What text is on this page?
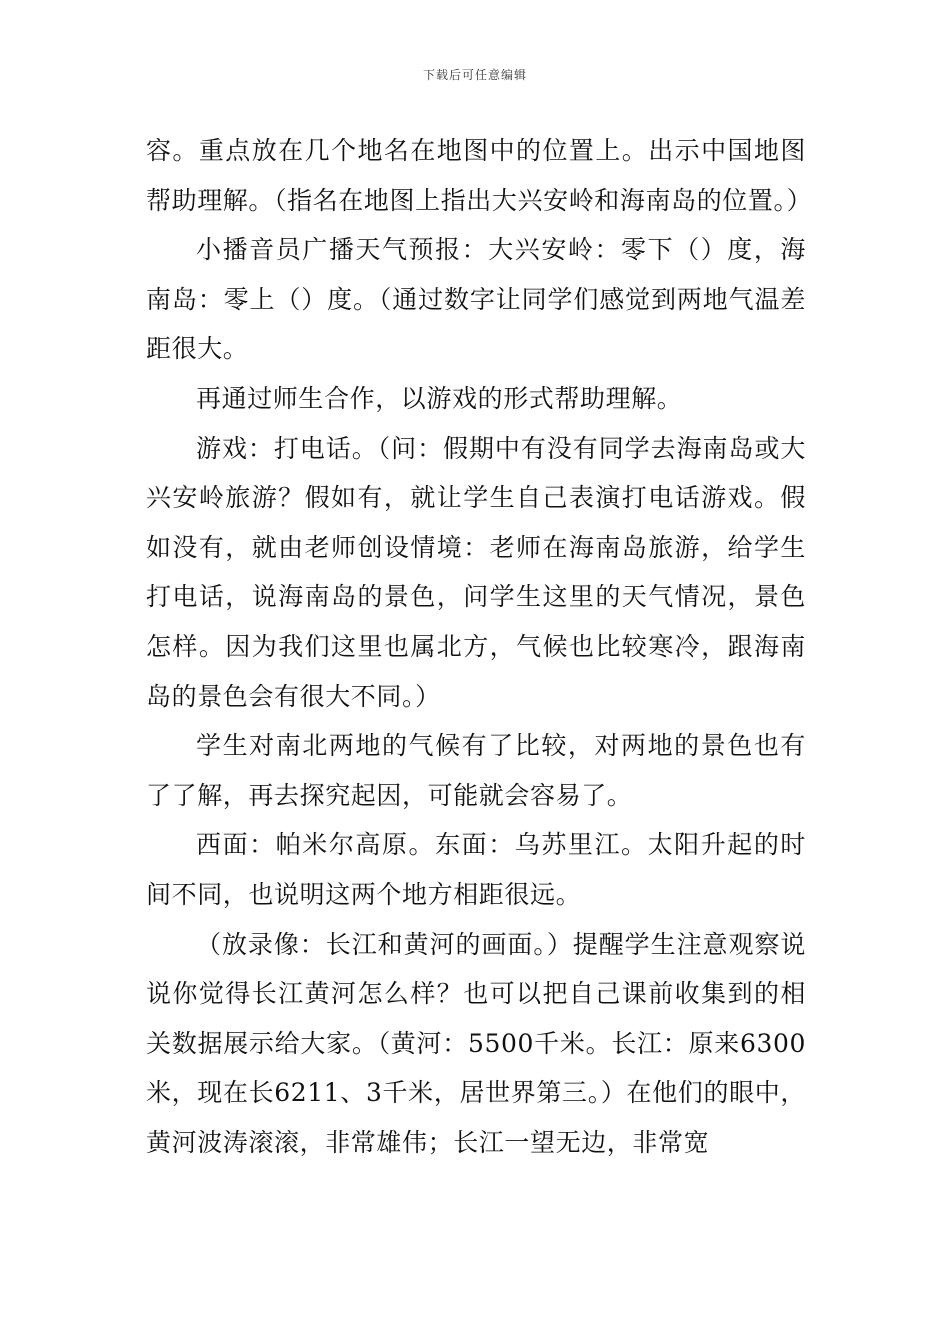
下载后可任意编辑

容。重点放在几个地名在地图中的位置上。出示中国地图帮助理解。（指名在地图上指出大兴安岭和海南岛的位置。）

小播音员广播天气预报：大兴安岭：零下（）度，海南岛：零上（）度。（通过数字让同学们感觉到两地气温差距很大。

再通过师生合作，以游戏的形式帮助理解。

游戏：打电话。（问：假期中有没有同学去海南岛或大兴安岭旅游？假如有，就让学生自己表演打电话游戏。假如没有，就由老师创设情境：老师在海南岛旅游，给学生打电话，说海南岛的景色，问学生这里的天气情况，景色怎样。因为我们这里也属北方，气候也比较寒冷，跟海南岛的景色会有很大不同。）

学生对南北两地的气候有了比较，对两地的景色也有了了解，再去探究起因，可能就会容易了。

西面：帕米尔高原。东面：乌苏里江。太阳升起的时间不同，也说明这两个地方相距很远。

（放录像：长江和黄河的画面。）提醒学生注意观察说说你觉得长江黄河怎么样？也可以把自己课前收集到的相关数据展示给大家。（黄河：5500千米。长江：原来6300米，现在长6211、3千米，居世界第三。）在他们的眼中，黄河波涛滚滚，非常雄伟；长江一望无边，非常宽
